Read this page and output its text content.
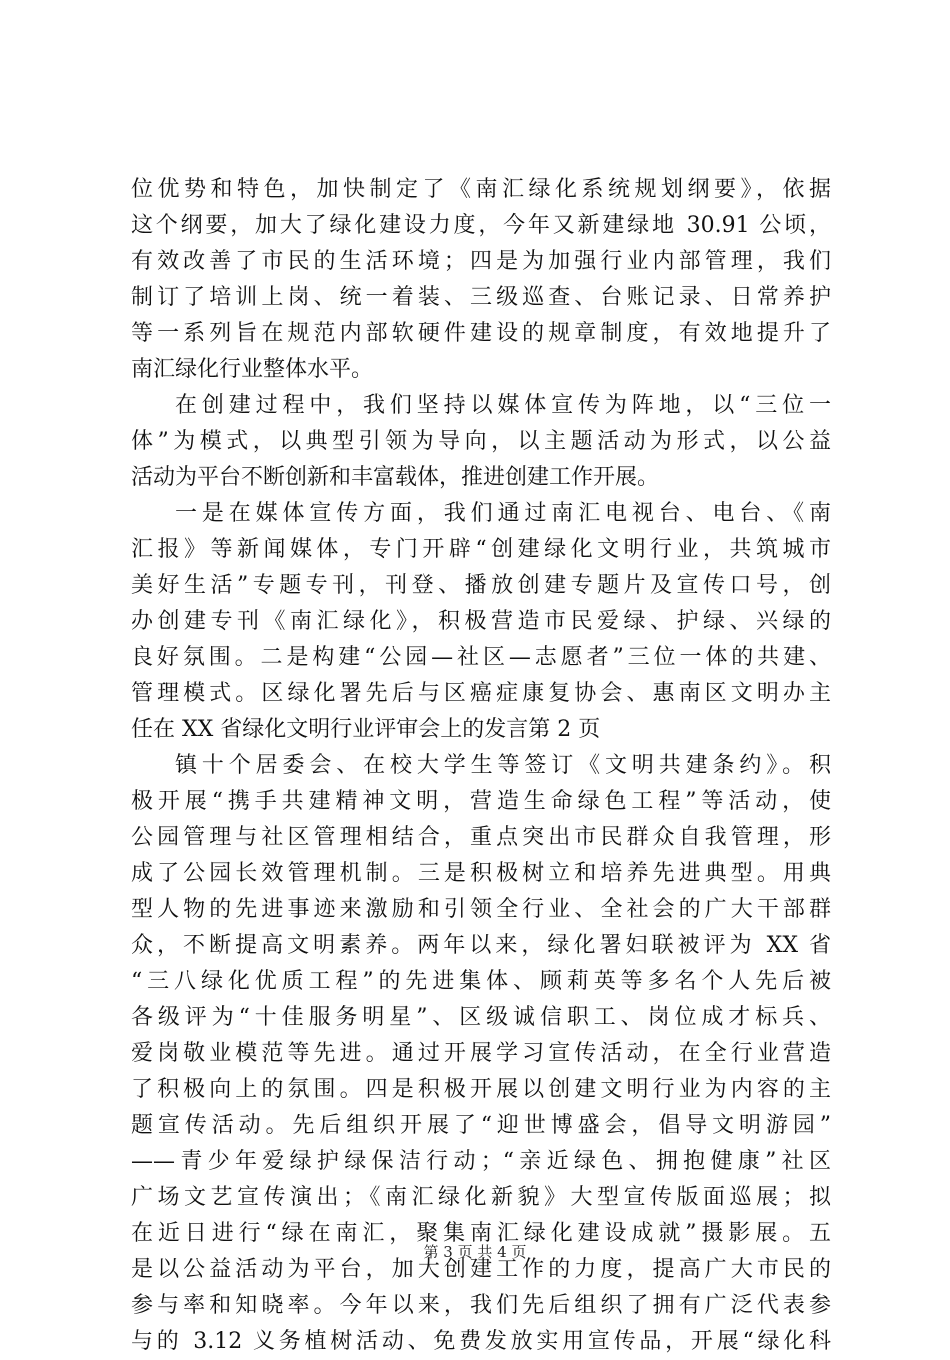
位优势和特色，加快制定了《南汇绿化系统规划纲要》，依据
这个纲要，加大了绿化建设力度，今年又新建绿地 30.91 公顷，
有效改善了市民的生活环境；四是为加强行业内部管理，我们
制订了培训上岗、统一着装、三级巡查、台账记录、日常养护
等一系列旨在规范内部软硬件建设的规章制度，有效地提升了
南汇绿化行业整体水平。
在创建过程中，我们坚持以媒体宣传为阵地，以“三位一
体”为模式，以典型引领为导向，以主题活动为形式，以公益
活动为平台不断创新和丰富载体，推进创建工作开展。
一是在媒体宣传方面，我们通过南汇电视台、电台、《南
汇报》等新闻媒体，专门开辟“创建绿化文明行业，共筑城市
美好生活”专题专刊，刊登、播放创建专题片及宣传口号，创
办创建专刊《南汇绿化》，积极营造市民爱绿、护绿、兴绿的
良好氛围。二是构建“公园—社区—志愿者”三位一体的共建、
管理模式。区绿化署先后与区癌症康复协会、惠南区文明办主
任在 XX 省绿化文明行业评审会上的发言第 2 页
镇十个居委会、在校大学生等签订《文明共建条约》。积
极开展“携手共建精神文明，营造生命绿色工程”等活动，使
公园管理与社区管理相结合，重点突出市民群众自我管理，形
成了公园长效管理机制。三是积极树立和培养先进典型。用典
型人物的先进事迹来激励和引领全行业、全社会的广大干部群
众，不断提高文明素养。两年以来，绿化署妇联被评为 XX 省
“三八绿化优质工程”的先进集体、顾莉英等多名个人先后被
各级评为“十佳服务明星”、区级诚信职工、岗位成才标兵、
爱岗敬业模范等先进。通过开展学习宣传活动，在全行业营造
了积极向上的氛围。四是积极开展以创建文明行业为内容的主
题宣传活动。先后组织开展了“迎世博盛会，倡导文明游园”
——青少年爱绿护绿保洁行动；“亲近绿色、拥抱健康”社区
广场文艺宣传演出；《南汇绿化新貌》大型宣传版面巡展；拟
在近日进行“绿在南汇，聚集南汇绿化建设成就”摄影展。五
是以公益活动为平台，加大创建工作的力度，提高广大市民的
参与率和知晓率。今年以来，我们先后组织了拥有广泛代表参
与的 3.12 义务植树活动、免费发放实用宣传品，开展“绿化科
第 3 页 共 4 页
